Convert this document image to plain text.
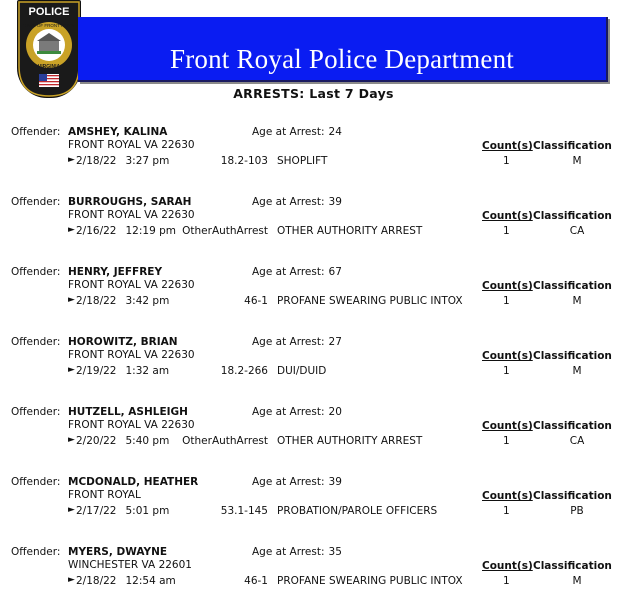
POLICE
TOWN OF FRONT ROYAL
VIRGINIA	Front Royal Police Department
ARRESTS: Last 7 Days
Offender: AMSHEY, KALINA	Age at Arrest: 24
FRONT ROYAL VA 22630	Count(s) Classification
► 2/18/22 3:27 pm	18.2-103 SHOPLIFT	1	M
Offender: BURROUGHS, SARAH	Age at Arrest: 39
FRONT ROYAL VA 22630	Count(s) Classification
► 2/16/22 12:19 pm OtherAuthArrest OTHER AUTHORITY ARREST	1	CA
Offender: HENRY, JEFFREY	Age at Arrest: 67
FRONT ROYAL VA 22630	Count(s) Classification
► 2/18/22 3:42 pm	46-1 PROFANE SWEARING PUBLIC INTOX	1	M
Offender: HOROWITZ, BRIAN	Age at Arrest: 27
FRONT ROYAL VA 22630	Count(s) Classification
► 2/19/22 1:32 am	18.2-266 DUI/DUID	1	M
Offender: HUTZELL, ASHLEIGH	Age at Arrest: 20
FRONT ROYAL VA 22630	Count(s) Classification
► 2/20/22 5:40 pm OtherAuthArrest OTHER AUTHORITY ARREST	1	CA
Offender: MCDONALD, HEATHER	Age at Arrest: 39
FRONT ROYAL	Count(s) Classification
► 2/17/22 5:01 pm	53.1-145 PROBATION/PAROLE OFFICERS	1	PB
Offender: MYERS, DWAYNE	Age at Arrest: 35
WINCHESTER VA 22601	Count(s) Classification
► 2/18/22 12:54 am	46-1 PROFANE SWEARING PUBLIC INTOX	1	M
